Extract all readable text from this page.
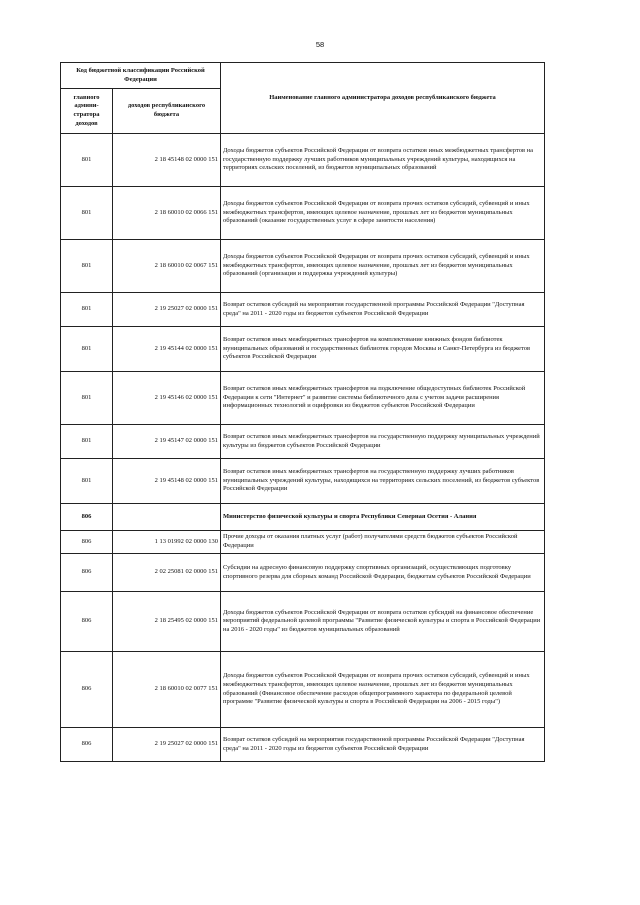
58
Код бюджетной классификации Российской Федерации		Наименование главного администратора доходов республиканского бюджета
главного админи-стратора доходов	доходов республиканского бюджета	
801	2 18 45148 02 0000 151	Доходы бюджетов субъектов Российской Федерации от возврата остатков иных межбюджетных трансфертов на государственную поддержку лучших работников муниципальных учреждений культуры, находящихся на территориях сельских поселений, из бюджетов муниципальных образований
801	2 18 60010 02 0066 151	Доходы бюджетов субъектов Российской Федерации от возврата прочих остатков субсидий, субвенций и иных межбюджетных трансфертов, имеющих целевое назначение, прошлых лет из бюджетов муниципальных образований (оказание государственных услуг в сфере занятости населения)
801	2 18 60010 02 0067 151	Доходы бюджетов субъектов Российской Федерации от возврата прочих остатков субсидий, субвенций и иных межбюджетных трансфертов, имеющих целевое назначение, прошлых лет из бюджетов муниципальных образований (организация и поддержка учреждений культуры)
801	2 19 25027 02 0000 151	Возврат остатков субсидий на мероприятия государственной программы Российской Федерации "Доступная среда" на 2011 - 2020 годы из бюджетов субъектов Российской Федерации
801	2 19 45144 02 0000 151	Возврат остатков иных межбюджетных трансфертов на комплектование книжных фондов библиотек муниципальных образований и государственных библиотек городов Москвы и Санкт-Петербурга из бюджетов субъектов Российской Федерации
801	2 19 45146 02 0000 151	Возврат остатков иных межбюджетных трансфертов на подключение общедоступных библиотек Российской Федерации к сети "Интернет" и развитие системы библиотечного дела с учетом задачи расширения информационных технологий и оцифровки из бюджетов субъектов Российской Федерации
801	2 19 45147 02 0000 151	Возврат остатков иных межбюджетных трансфертов на государственную поддержку муниципальных учреждений культуры из бюджетов субъектов Российской Федерации
801	2 19 45148 02 0000 151	Возврат остатков иных межбюджетных трансфертов на государственную поддержку лучших работников муниципальных учреждений культуры, находящихся на территориях сельских поселений, из бюджетов субъектов Российской Федерации
806		Министерство физической культуры и спорта Республики Северная Осетия - Алания
806	1 13 01992 02 0000 130	Прочие доходы от оказания платных услуг (работ) получателями средств бюджетов субъектов Российской Федерации
806	2 02 25081 02 0000 151	Субсидии на адресную финансовую поддержку спортивных организаций, осуществляющих подготовку спортивного резерва для сборных команд Российской Федерации, бюджетам субъектов Российской Федерации
806	2 18 25495 02 0000 151	Доходы бюджетов субъектов Российской Федерации от возврата остатков субсидий на финансовое обеспечение мероприятий федеральной целевой программы "Развитие физической культуры и спорта в Российской Федерации на 2016 - 2020 годы" из бюджетов муниципальных образований
806	2 18 60010 02 0077 151	Доходы бюджетов субъектов Российской Федерации от возврата прочих остатков субсидий, субвенций и иных межбюджетных трансфертов, имеющих целевое назначение, прошлых лет из бюджетов муниципальных образований (Финансовое обеспечение расходов общепрограммного характера по федеральной целевой программе "Развитие физической культуры и спорта в Российской Федерации на 2006 - 2015 годы")
806	2 19 25027 02 0000 151	Возврат остатков субсидий на мероприятия государственной программы Российской Федерации "Доступная среда" на 2011 - 2020 годы из бюджетов субъектов Российской Федерации
